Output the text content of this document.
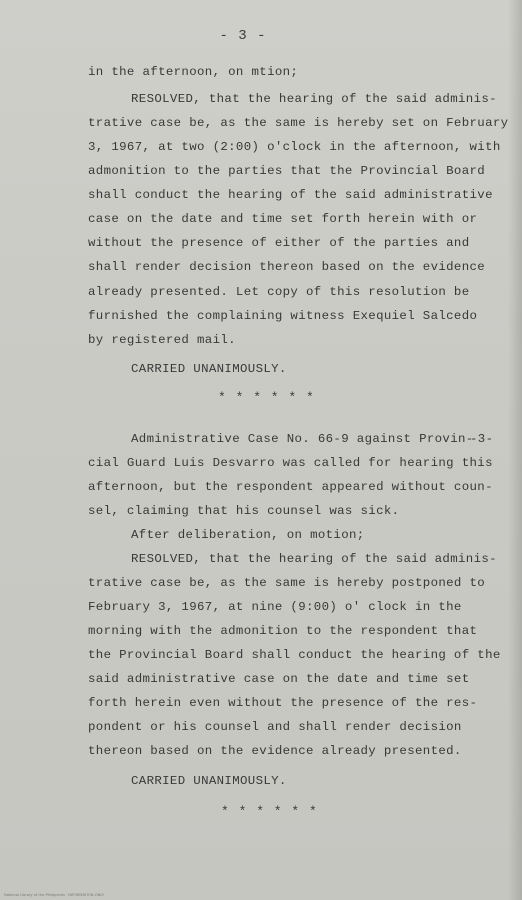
- 3 -
in the afternoon, on mtion;
RESOLVED, that the hearing of the said adminis-
trative case be, as the same is hereby set on February
3, 1967, at two (2:00) o'clock in the afternoon, with
admonition to the parties that the Provincial Board
shall conduct the hearing of the said administrative
case on the date and time set forth herein with or
without the presence of either of the parties and
shall render decision thereon based on the evidence
already presented. Let copy of this resolution be
furnished the complaining witness Exequiel Salcedo
by registered mail.
CARRIED UNANIMOUSLY.
* * * * * *
Administrative Case No. 66-9 against Provin-
-3-
cial Guard Luis Desvarro was called for hearing this
afternoon, but the respondent appeared without coun-
sel, claiming that his counsel was sick.
After deliberation, on motion;
RESOLVED, that the hearing of the said adminis-
trative case be, as the same is hereby postponed to
February 3, 1967, at nine (9:00) o' clock in the
morning with the admonition to the respondent that
the Provincial Board shall conduct the hearing of the
said administrative case on the date and time set
forth herein even without the presence of the res-
pondent or his counsel and shall render decision
thereon based on the evidence already presented.
CARRIED UNANIMOUSLY.
* * * * * *
National Library of the Philippines · INFORMATION-ONLY
